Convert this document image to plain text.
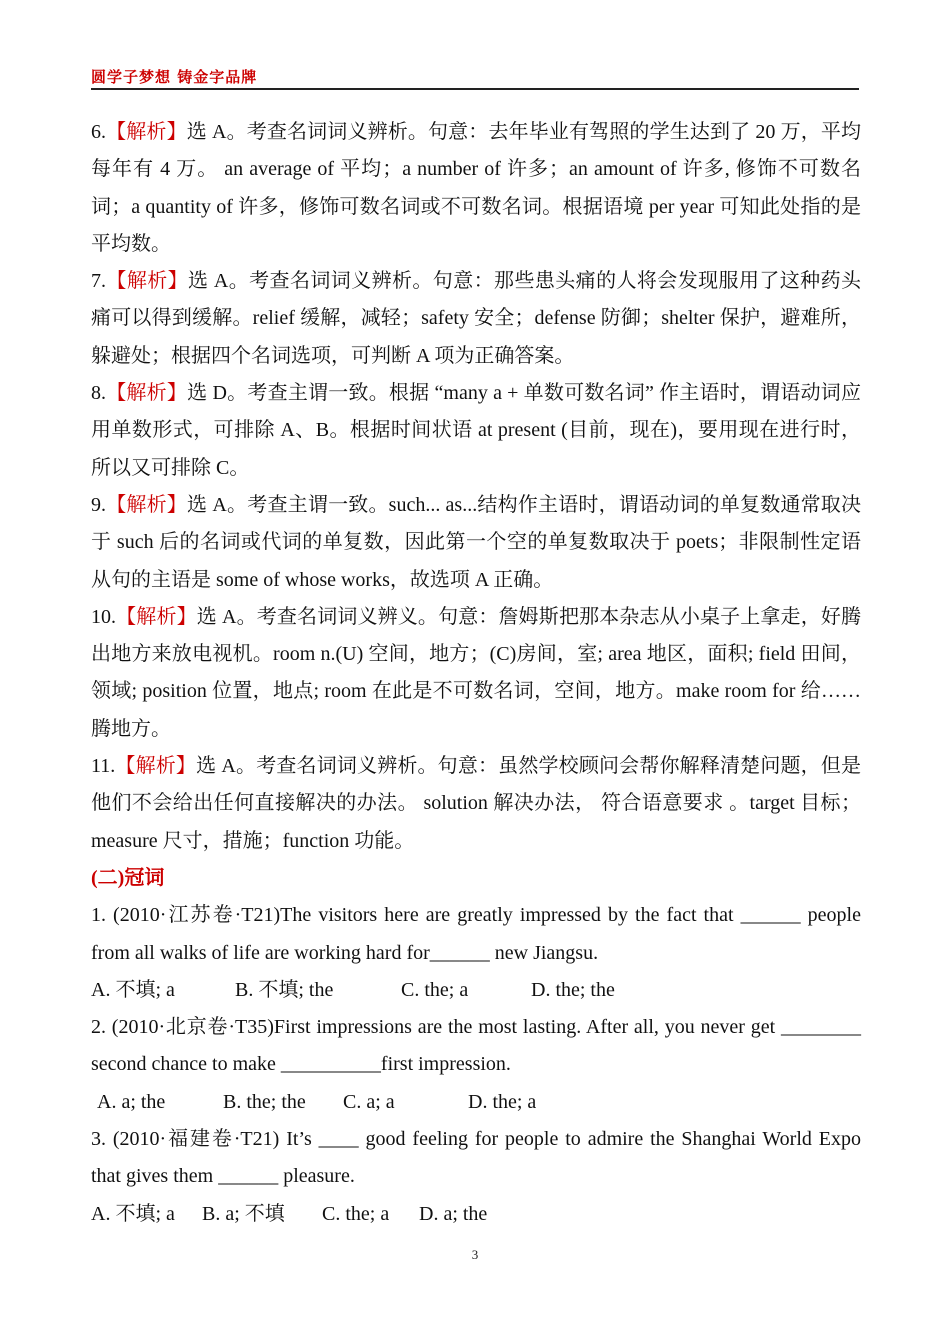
圆学子梦想 铸金字品牌

6.【解析】选 A。考查名词词义辨析。句意：去年毕业有驾照的学生达到了 20 万，平均每年有 4 万。 an average of 平均；a number of 许多；an amount of 许多, 修饰不可数名词；a quantity of 许多，修饰可数名词或不可数名词。根据语境 per year 可知此处指的是平均数。

7.【解析】选 A。考查名词词义辨析。句意：那些患头痛的人将会发现服用了这种药头痛可以得到缓解。relief 缓解，减轻；safety 安全；defense 防御；shelter 保护，避难所，躲避处；根据四个名词选项，可判断 A 项为正确答案。

8.【解析】选 D。考查主谓一致。根据 “many a + 单数可数名词” 作主语时，谓语动词应用单数形式，可排除 A、B。根据时间状语 at present (目前，现在)，要用现在进行时， 所以又可排除 C。

9.【解析】选 A。考查主谓一致。such... as...结构作主语时，谓语动词的单复数通常取决于 such 后的名词或代词的单复数，因此第一个空的单复数取决于 poets；非限制性定语从句的主语是 some of whose works，故选项 A 正确。

10.【解析】选 A。考查名词词义辨义。句意：詹姆斯把那本杂志从小桌子上拿走，好腾出地方来放电视机。room n.(U) 空间，地方；(C)房间，室; area 地区，面积; field 田间，领域; position 位置，地点; room 在此是不可数名词，空间，地方。make room for 给……腾地方。

11.【解析】选 A。考查名词词义辨析。句意：虽然学校顾问会帮你解释清楚问题，但是他们不会给出任何直接解决的办法。 solution 解决办法， 符合语意要求 。target 目标；measure 尺寸，措施；function 功能。

(二)冠词

1. (2010·江苏卷·T21)The visitors here are greatly impressed by the fact that ______ people from all walks of life are working hard for______ new Jiangsu.

A. 不填; a	B. 不填; the	C. the; a	D. the; the

2. (2010·北京卷·T35)First impressions are the most lasting. After all, you never get ________ second chance to make __________first impression.

A. a; the	B. the; the C. a; a	D. the; a

3. (2010·福建卷·T21) It’s ____ good feeling for people to admire the Shanghai World Expo that gives them ______ pleasure.

A. 不填; a B. a; 不填 C. the; a D. a; the

3
